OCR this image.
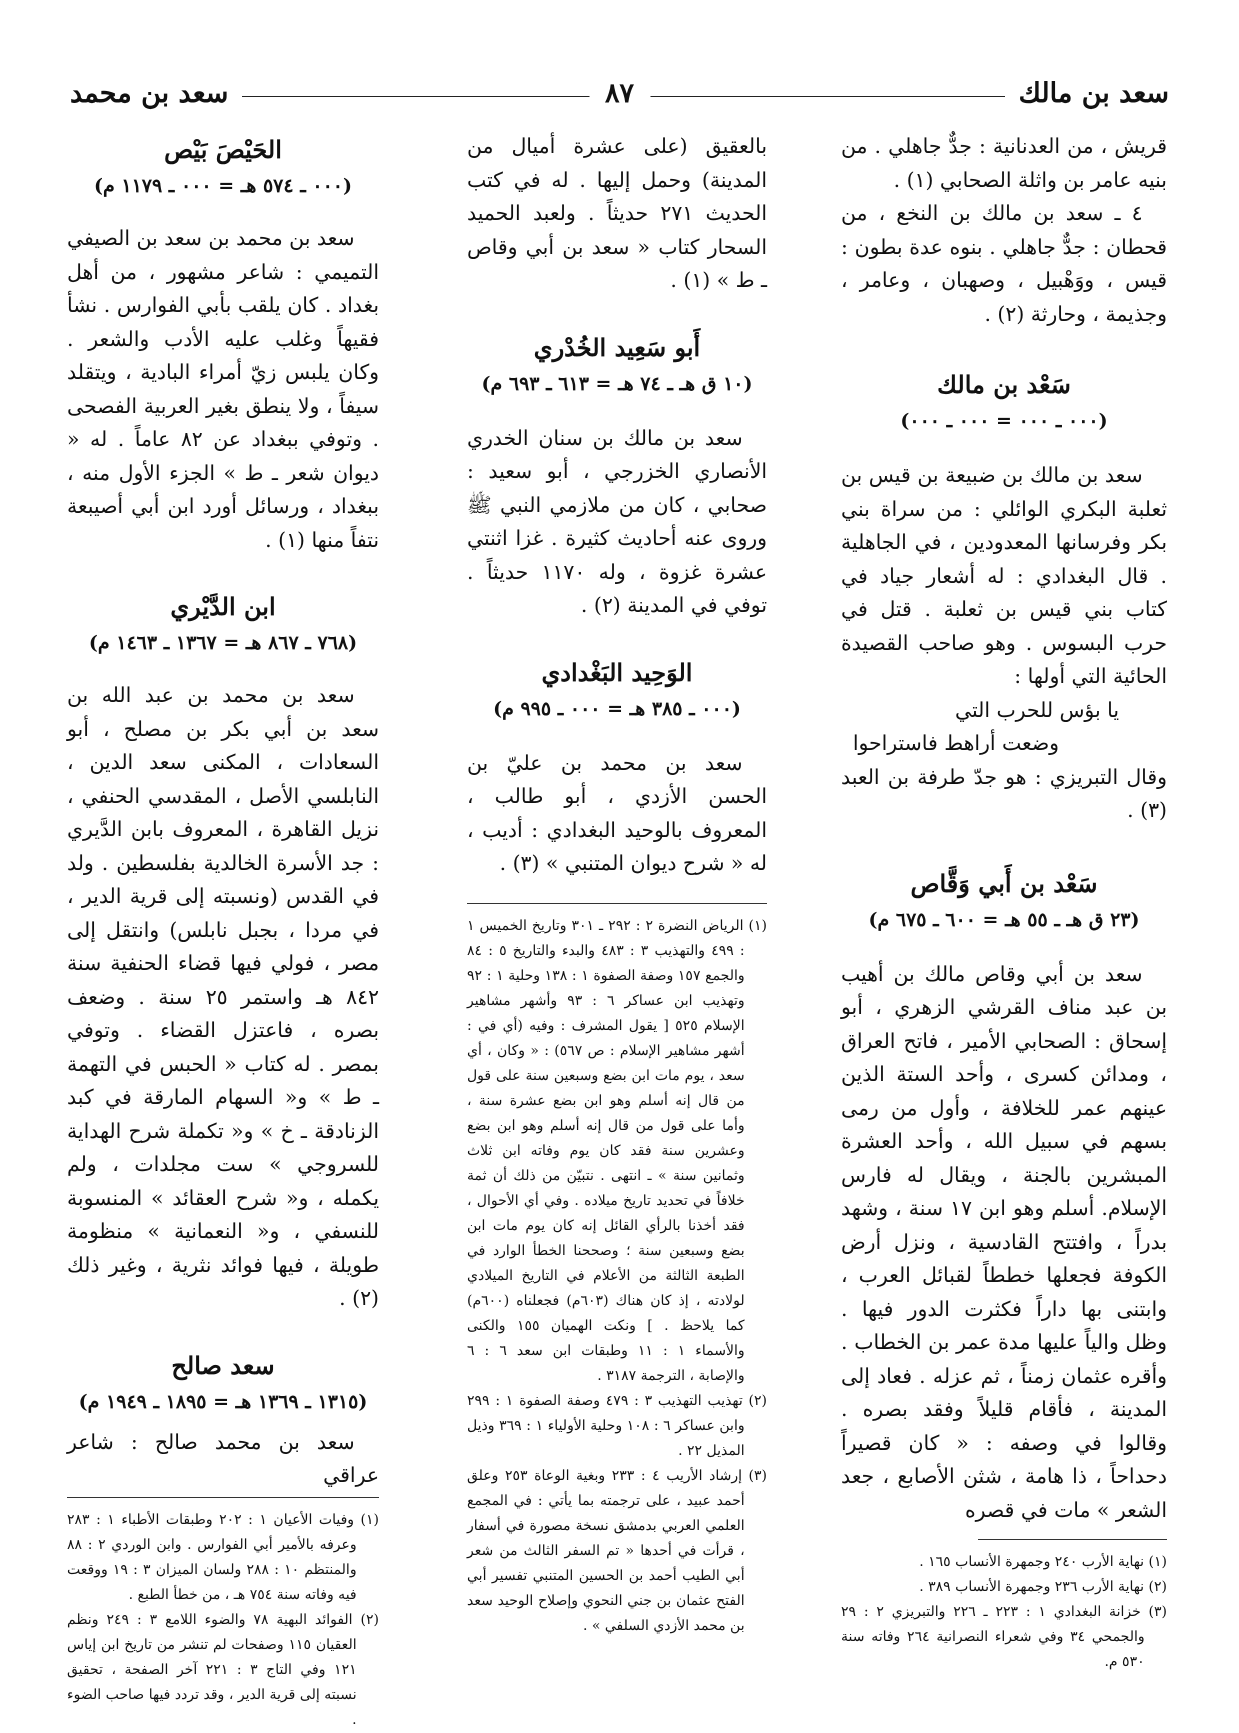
سعد بن مالك
٨٧
سعد بن محمد

قريش ، من العدنانية : جدٌّ جاهلي . من بنيه عامر بن واثلة الصحابي (١) .

٤ ـ سعد بن مالك بن النخع ، من قحطان : جدٌّ جاهلي . بنوه عدة بطون : قيس ، ووَهْبيل ، وصهبان ، وعامر ، وجذيمة ، وحارثة (٢) .

سَعْد بن مالك

(٠٠٠ ـ ٠٠٠ = ٠٠٠ ـ ٠٠٠)

سعد بن مالك بن ضبيعة بن قيس بن ثعلبة البكري الوائلي : من سراة بني بكر وفرسانها المعدودين ، في الجاهلية . قال البغدادي : له أشعار جياد في كتاب بني قيس بن ثعلبة . قتل في حرب البسوس . وهو صاحب القصيدة الحائية التي أولها :

يا بؤس للحرب التي

وضعت أراهط فاستراحوا

وقال التبريزي : هو جدّ طرفة بن العبد (٣) .

سَعْد بن أَبي وَقَّاص

(٢٣ ق هـ ـ ٥٥ هـ = ٦٠٠ ـ ٦٧٥ م)

سعد بن أبي وقاص مالك بن أهيب بن عبد مناف القرشي الزهري ، أبو إسحاق : الصحابي الأمير ، فاتح العراق ، ومدائن كسرى ، وأحد الستة الذين عينهم عمر للخلافة ، وأول من رمى بسهم في سبيل الله ، وأحد العشرة المبشرين بالجنة ، ويقال له فارس الإسلام. أسلم وهو ابن ١٧ سنة ، وشهد بدراً ، وافتتح القادسية ، ونزل أرض الكوفة فجعلها خططاً لقبائل العرب ، وابتنى بها داراً فكثرت الدور فيها . وظل والياً عليها مدة عمر بن الخطاب . وأقره عثمان زمناً ، ثم عزله . فعاد إلى المدينة ، فأقام قليلاً وفقد بصره . وقالوا في وصفه : « كان قصيراً دحداحاً ، ذا هامة ، شثن الأصابع ، جعد الشعر » مات في قصره

(١) نهاية الأرب ٢٤٠ وجمهرة الأنساب ١٦٥ .

(٢) نهاية الأرب ٢٣٦ وجمهرة الأنساب ٣٨٩ .

(٣) خزانة البغدادي ١ : ٢٢٣ ـ ٢٢٦ والتبريزي ٢ : ٢٩ والجمحي ٣٤ وفي شعراء النصرانية ٢٦٤ وفاته سنة ٥٣٠ م.

بالعقيق (على عشرة أميال من المدينة) وحمل إليها . له في كتب الحديث ٢٧١ حديثاً . ولعبد الحميد السحار كتاب « سعد بن أبي وقاص ـ ط » (١) .

أَبو سَعِيد الخُدْري

(١٠ ق هـ ـ ٧٤ هـ = ٦١٣ ـ ٦٩٣ م)

سعد بن مالك بن سنان الخدري الأنصاري الخزرجي ، أبو سعيد : صحابي ، كان من ملازمي النبي ﷺ وروى عنه أحاديث كثيرة . غزا اثنتي عشرة غزوة ، وله ١١٧٠ حديثاً . توفي في المدينة (٢) .

الوَحِيد البَغْدادي

(٠٠٠ ـ ٣٨٥ هـ = ٠٠٠ ـ ٩٩٥ م)

سعد بن محمد بن عليّ بن الحسن الأزدي ، أبو طالب ، المعروف بالوحيد البغدادي : أديب ، له « شرح ديوان المتنبي » (٣) .

(١) الرياض النضرة ٢ : ٢٩٢ ـ ٣٠١ وتاريخ الخميس ١ : ٤٩٩ والتهذيب ٣ : ٤٨٣ والبدء والتاريخ ٥ : ٨٤ والجمع ١٥٧ وصفة الصفوة ١ : ١٣٨ وحلية ١ : ٩٢ وتهذيب ابن عساكر ٦ : ٩٣ وأشهر مشاهير الإسلام ٥٢٥ [ يقول المشرف : وفيه (أي في : أشهر مشاهير الإسلام : ص ٥٦٧) : « وكان ، أي سعد ، يوم مات ابن بضع وسبعين سنة على قول من قال إنه أسلم وهو ابن بضع عشرة سنة ، وأما على قول من قال إنه أسلم وهو ابن بضع وعشرين سنة فقد كان يوم وفاته ابن ثلاث وثمانين سنة » ـ انتهى . نتبيّن من ذلك أن ثمة خلافاً في تحديد تاريخ ميلاده . وفي أي الأحوال ، فقد أخذنا بالرأي القائل إنه كان يوم مات ابن بضع وسبعين سنة ؛ وصححنا الخطأ الوارد في الطبعة الثالثة من الأعلام في التاريخ الميلادي لولادته ، إذ كان هناك (٦٠٣م) فجعلناه (٦٠٠م) كما يلاحظ . ] ونكت الهميان ١٥٥ والكنى والأسماء ١ : ١١ وطبقات ابن سعد ٦ : ٦ والإصابة ، الترجمة ٣١٨٧ .

(٢) تهذيب التهذيب ٣ : ٤٧٩ وصفة الصفوة ١ : ٢٩٩ وابن عساكر ٦ : ١٠٨ وحلية الأولياء ١ : ٣٦٩ وذيل المذيل ٢٢ .

(٣) إرشاد الأريب ٤ : ٢٣٣ وبغية الوعاة ٢٥٣ وعلق أحمد عبيد ، على ترجمته بما يأتي : في المجمع العلمي العربي بدمشق نسخة مصورة في أسفار ، قرأت في أحدها « تم السفر الثالث من شعر أبي الطيب أحمد بن الحسين المتنبي تفسير أبي الفتح عثمان بن جني النحوي وإصلاح الوحيد سعد بن محمد الأزدي السلفي » .

الحَيْصَ بَيْص

(٠٠٠ ـ ٥٧٤ هـ = ٠٠٠ ـ ١١٧٩ م)

سعد بن محمد بن سعد بن الصيفي التميمي : شاعر مشهور ، من أهل بغداد . كان يلقب بأبي الفوارس . نشأ فقيهاً وغلب عليه الأدب والشعر . وكان يلبس زيّ أمراء البادية ، ويتقلد سيفاً ، ولا ينطق بغير العربية الفصحى . وتوفي ببغداد عن ٨٢ عاماً . له « ديوان شعر ـ ط » الجزء الأول منه ، ببغداد ، ورسائل أورد ابن أبي أصيبعة نتفاً منها (١) .

ابن الدَّيْري

(٧٦٨ ـ ٨٦٧ هـ = ١٣٦٧ ـ ١٤٦٣ م)

سعد بن محمد بن عبد الله بن سعد بن أبي بكر بن مصلح ، أبو السعادات ، المكنى سعد الدين ، النابلسي الأصل ، المقدسي الحنفي ، نزيل القاهرة ، المعروف بابن الدَّيري : جد الأسرة الخالدية بفلسطين . ولد في القدس (ونسبته إلى قرية الدير ، في مردا ، بجبل نابلس) وانتقل إلى مصر ، فولي فيها قضاء الحنفية سنة ٨٤٢ هـ واستمر ٢٥ سنة . وضعف بصره ، فاعتزل القضاء . وتوفي بمصر . له كتاب « الحبس في التهمة ـ ط » و« السهام المارقة في كبد الزنادقة ـ خ » و« تكملة شرح الهداية للسروجي » ست مجلدات ، ولم يكمله ، و« شرح العقائد » المنسوبة للنسفي ، و« النعمانية » منظومة طويلة ، فيها فوائد نثرية ، وغير ذلك (٢) .

سعد صالح

(١٣١٥ ـ ١٣٦٩ هـ = ١٨٩٥ ـ ١٩٤٩ م)

سعد بن محمد صالح : شاعر عراقي

(١) وفيات الأعيان ١ : ٢٠٢ وطبقات الأطباء ١ : ٢٨٣ وعرفه بالأمير أبي الفوارس . وابن الوردي ٢ : ٨٨ والمنتظم ١٠ : ٢٨٨ ولسان الميزان ٣ : ١٩ ووقعت فيه وفاته سنة ٧٥٤ هـ ، من خطأ الطبع .

(٢) الفوائد البهية ٧٨ والضوء اللامع ٣ : ٢٤٩ ونظم العقيان ١١٥ وصفحات لم تنشر من تاريخ ابن إياس ١٢١ وفي التاج ٣ : ٢٢١ آخر الصفحة ، تحقيق نسبته إلى قرية الدير ، وقد تردد فيها صاحب الضوء .
